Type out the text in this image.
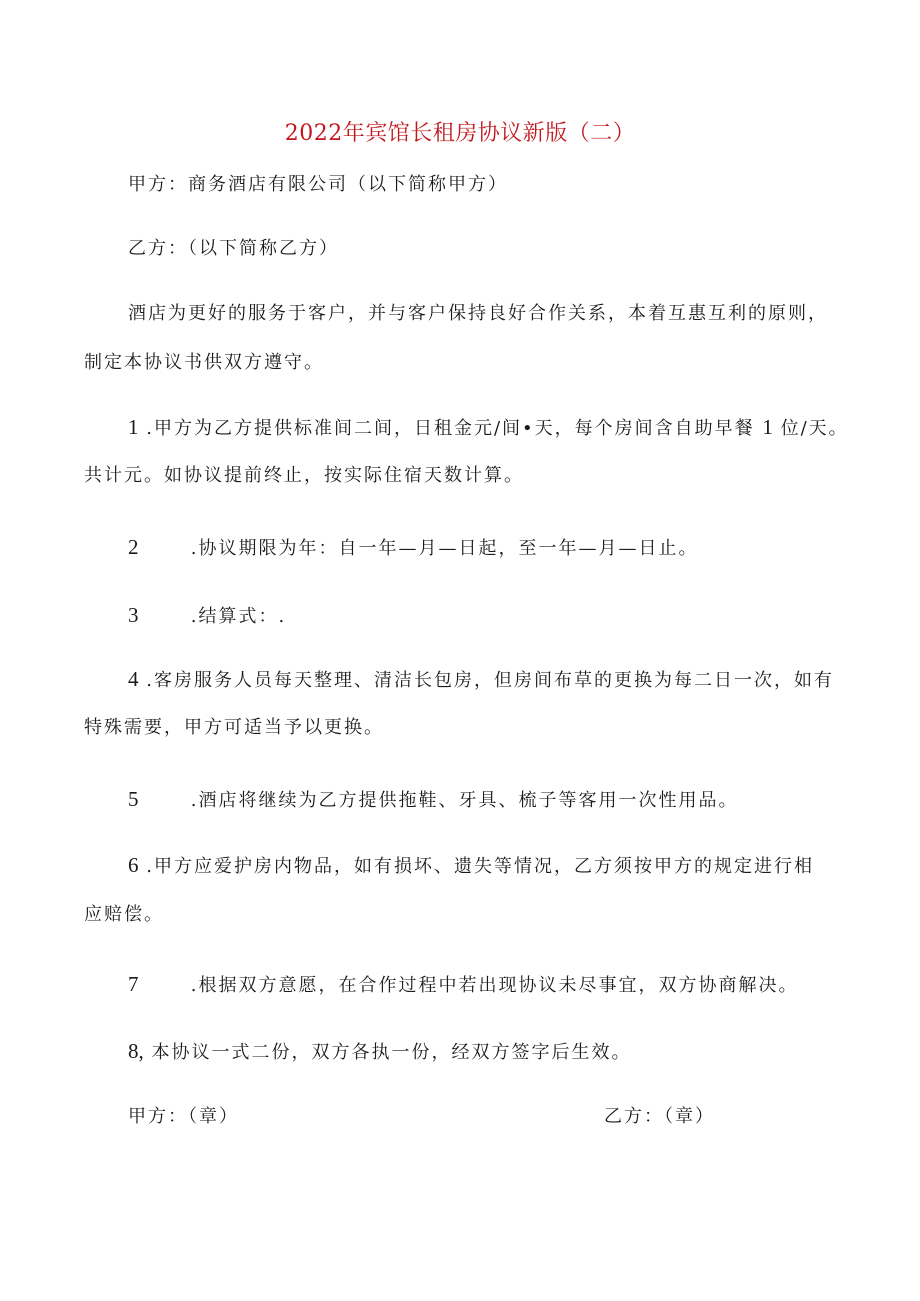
2022年宾馆长租房协议新版（二）
甲方：商务酒店有限公司（以下简称甲方）
乙方：（以下简称乙方）
酒店为更好的服务于客户，并与客户保持良好合作关系，本着互惠互利的原则，
制定本协议书供双方遵守。
1 .甲方为乙方提供标准间二间，日租金元/间•天，每个房间含自助早餐 1 位/天。
共计元。如协议提前终止，按实际住宿天数计算。
2	.协议期限为年：自一年—月—日起，至一年—月—日止。
3	.结算式：.
4 .客房服务人员每天整理、清洁长包房，但房间布草的更换为每二日一次，如有
特殊需要，甲方可适当予以更换。
5	.酒店将继续为乙方提供拖鞋、牙具、梳子等客用一次性用品。
6 .甲方应爱护房内物品，如有损坏、遗失等情况，乙方须按甲方的规定进行相
应赔偿。
7	.根据双方意愿，在合作过程中若出现协议未尽事宜，双方协商解决。
8, 本协议一式二份，双方各执一份，经双方签字后生效。
甲方：（章）	乙方：（章）
